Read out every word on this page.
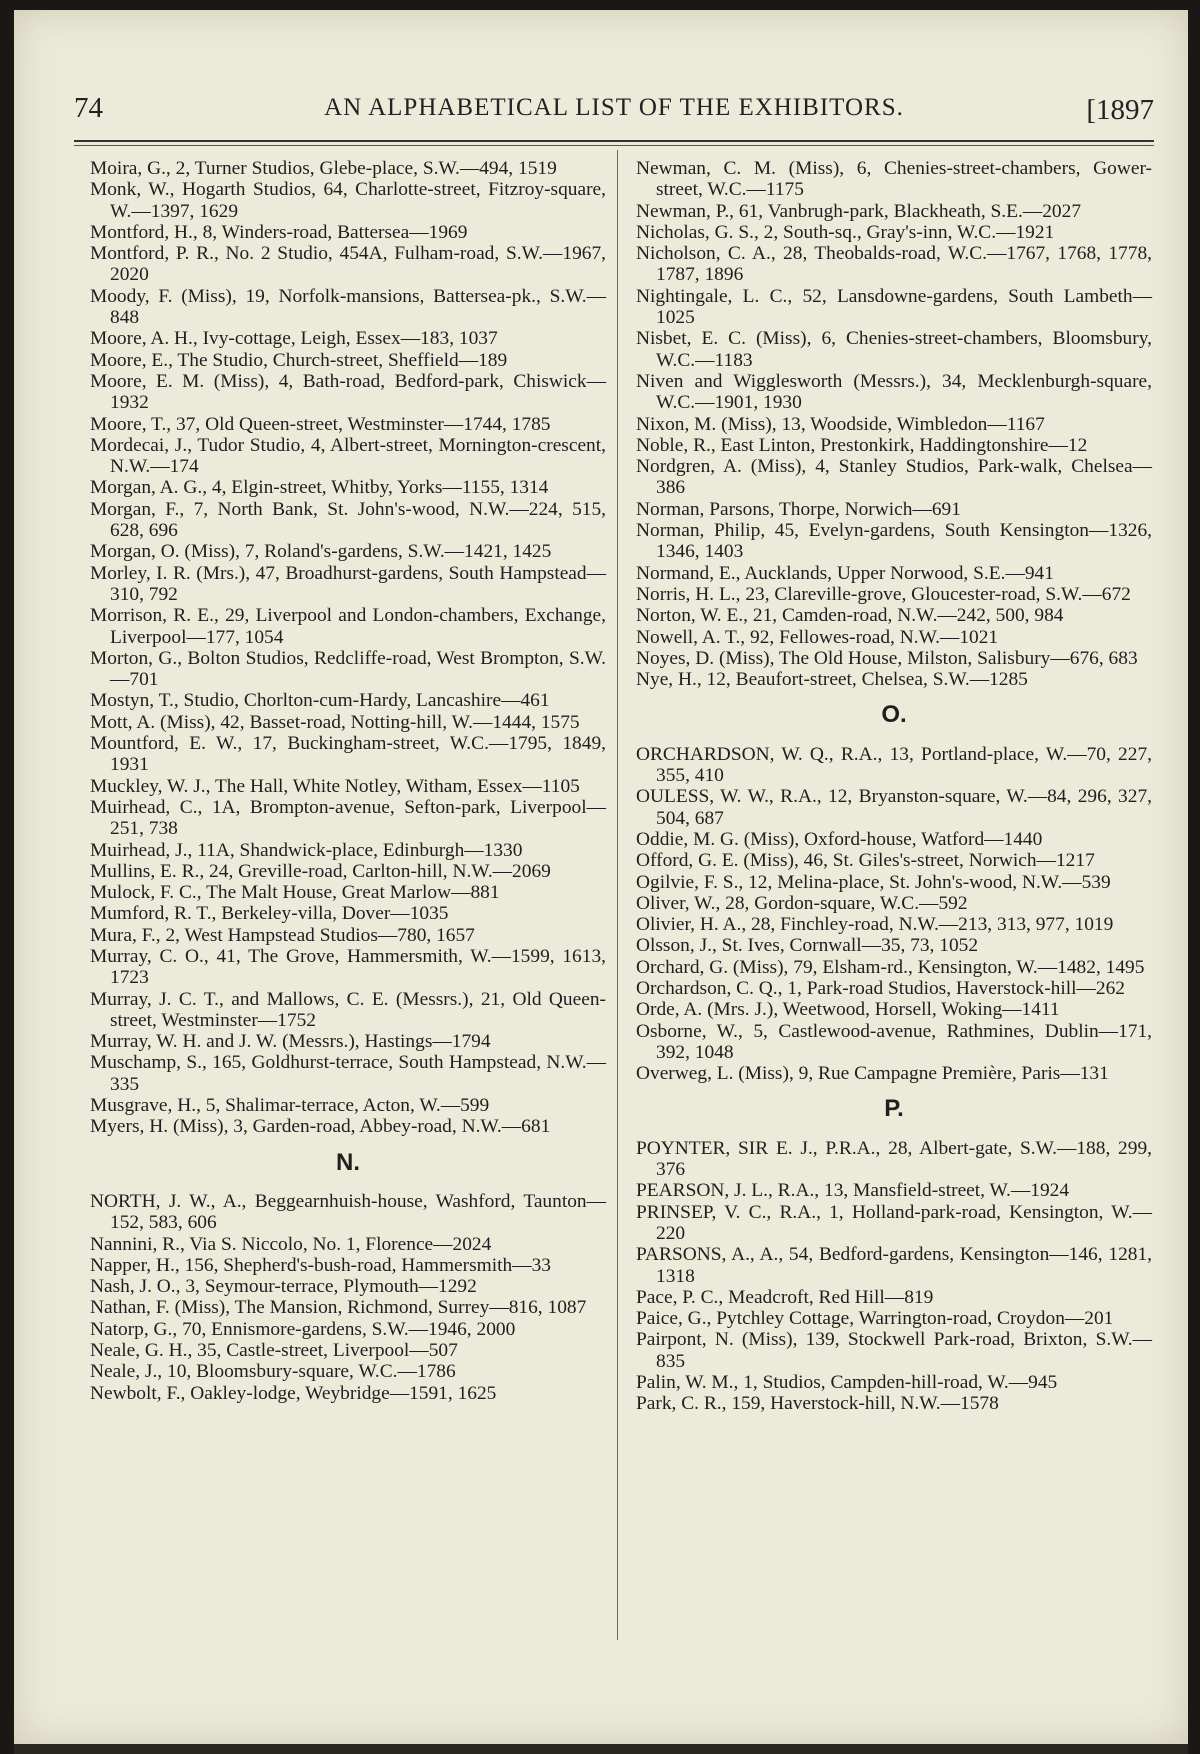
74	AN ALPHABETICAL LIST OF THE EXHIBITORS.	[1897
Moira, G., 2, Turner Studios, Glebe-place, S.W.—494, 1519
Monk, W., Hogarth Studios, 64, Charlotte-street, Fitzroy-square, W.—1397, 1629
Montford, H., 8, Winders-road, Battersea—1969
Montford, P. R., No. 2 Studio, 454A, Fulham-road, S.W.—1967, 2020
Moody, F. (Miss), 19, Norfolk-mansions, Battersea-pk., S.W.—848
Moore, A. H., Ivy-cottage, Leigh, Essex—183, 1037
Moore, E., The Studio, Church-street, Sheffield—189
Moore, E. M. (Miss), 4, Bath-road, Bedford-park, Chiswick—1932
Moore, T., 37, Old Queen-street, Westminster—1744, 1785
Mordecai, J., Tudor Studio, 4, Albert-street, Mornington-crescent, N.W.—174
Morgan, A. G., 4, Elgin-street, Whitby, Yorks—1155, 1314
Morgan, F., 7, North Bank, St. John's-wood, N.W.—224, 515, 628, 696
Morgan, O. (Miss), 7, Roland's-gardens, S.W.—1421, 1425
Morley, I. R. (Mrs.), 47, Broadhurst-gardens, South Hampstead—310, 792
Morrison, R. E., 29, Liverpool and London-chambers, Exchange, Liverpool—177, 1054
Morton, G., Bolton Studios, Redcliffe-road, West Brompton, S.W.—701
Mostyn, T., Studio, Chorlton-cum-Hardy, Lancashire—461
Mott, A. (Miss), 42, Basset-road, Notting-hill, W.—1444, 1575
Mountford, E. W., 17, Buckingham-street, W.C.—1795, 1849, 1931
Muckley, W. J., The Hall, White Notley, Witham, Essex—1105
Muirhead, C., 1A, Brompton-avenue, Sefton-park, Liverpool—251, 738
Muirhead, J., 11A, Shandwick-place, Edinburgh—1330
Mullins, E. R., 24, Greville-road, Carlton-hill, N.W.—2069
Mulock, F. C., The Malt House, Great Marlow—881
Mumford, R. T., Berkeley-villa, Dover—1035
Mura, F., 2, West Hampstead Studios—780, 1657
Murray, C. O., 41, The Grove, Hammersmith, W.—1599, 1613, 1723
Murray, J. C. T., and Mallows, C. E. (Messrs.), 21, Old Queen-street, Westminster—1752
Murray, W. H. and J. W. (Messrs.), Hastings—1794
Muschamp, S., 165, Goldhurst-terrace, South Hampstead, N.W.—335
Musgrave, H., 5, Shalimar-terrace, Acton, W.—599
Myers, H. (Miss), 3, Garden-road, Abbey-road, N.W.—681
N.
NORTH, J. W., A., Beggearnhuish-house, Washford, Taunton—152, 583, 606
Nannini, R., Via S. Niccolo, No. 1, Florence—2024
Napper, H., 156, Shepherd's-bush-road, Hammersmith—33
Nash, J. O., 3, Seymour-terrace, Plymouth—1292
Nathan, F. (Miss), The Mansion, Richmond, Surrey—816, 1087
Natorp, G., 70, Ennismore-gardens, S.W.—1946, 2000
Neale, G. H., 35, Castle-street, Liverpool—507
Neale, J., 10, Bloomsbury-square, W.C.—1786
Newbolt, F., Oakley-lodge, Weybridge—1591, 1625
Newman, C. M. (Miss), 6, Chenies-street-chambers, Gower-street, W.C.—1175
Newman, P., 61, Vanbrugh-park, Blackheath, S.E.—2027
Nicholas, G. S., 2, South-sq., Gray's-inn, W.C.—1921
Nicholson, C. A., 28, Theobalds-road, W.C.—1767, 1768, 1778, 1787, 1896
Nightingale, L. C., 52, Lansdowne-gardens, South Lambeth—1025
Nisbet, E. C. (Miss), 6, Chenies-street-chambers, Bloomsbury, W.C.—1183
Niven and Wigglesworth (Messrs.), 34, Mecklenburgh-square, W.C.—1901, 1930
Nixon, M. (Miss), 13, Woodside, Wimbledon—1167
Noble, R., East Linton, Prestonkirk, Haddingtonshire—12
Nordgren, A. (Miss), 4, Stanley Studios, Park-walk, Chelsea—386
Norman, Parsons, Thorpe, Norwich—691
Norman, Philip, 45, Evelyn-gardens, South Kensington—1326, 1346, 1403
Normand, E., Aucklands, Upper Norwood, S.E.—941
Norris, H. L., 23, Clareville-grove, Gloucester-road, S.W.—672
Norton, W. E., 21, Camden-road, N.W.—242, 500, 984
Nowell, A. T., 92, Fellowes-road, N.W.—1021
Noyes, D. (Miss), The Old House, Milston, Salisbury—676, 683
Nye, H., 12, Beaufort-street, Chelsea, S.W.—1285
O.
ORCHARDSON, W. Q., R.A., 13, Portland-place, W.—70, 227, 355, 410
OULESS, W. W., R.A., 12, Bryanston-square, W.—84, 296, 327, 504, 687
Oddie, M. G. (Miss), Oxford-house, Watford—1440
Offord, G. E. (Miss), 46, St. Giles's-street, Norwich—1217
Ogilvie, F. S., 12, Melina-place, St. John's-wood, N.W.—539
Oliver, W., 28, Gordon-square, W.C.—592
Olivier, H. A., 28, Finchley-road, N.W.—213, 313, 977, 1019
Olsson, J., St. Ives, Cornwall—35, 73, 1052
Orchard, G. (Miss), 79, Elsham-rd., Kensington, W.—1482, 1495
Orchardson, C. Q., 1, Park-road Studios, Haverstock-hill—262
Orde, A. (Mrs. J.), Weetwood, Horsell, Woking—1411
Osborne, W., 5, Castlewood-avenue, Rathmines, Dublin—171, 392, 1048
Overweg, L. (Miss), 9, Rue Campagne Première, Paris—131
P.
POYNTER, SIR E. J., P.R.A., 28, Albert-gate, S.W.—188, 299, 376
PEARSON, J. L., R.A., 13, Mansfield-street, W.—1924
PRINSEP, V. C., R.A., 1, Holland-park-road, Kensington, W.—220
PARSONS, A., A., 54, Bedford-gardens, Kensington—146, 1281, 1318
Pace, P. C., Meadcroft, Red Hill—819
Paice, G., Pytchley Cottage, Warrington-road, Croydon—201
Pairpont, N. (Miss), 139, Stockwell Park-road, Brixton, S.W.—835
Palin, W. M., 1, Studios, Campden-hill-road, W.—945
Park, C. R., 159, Haverstock-hill, N.W.—1578
